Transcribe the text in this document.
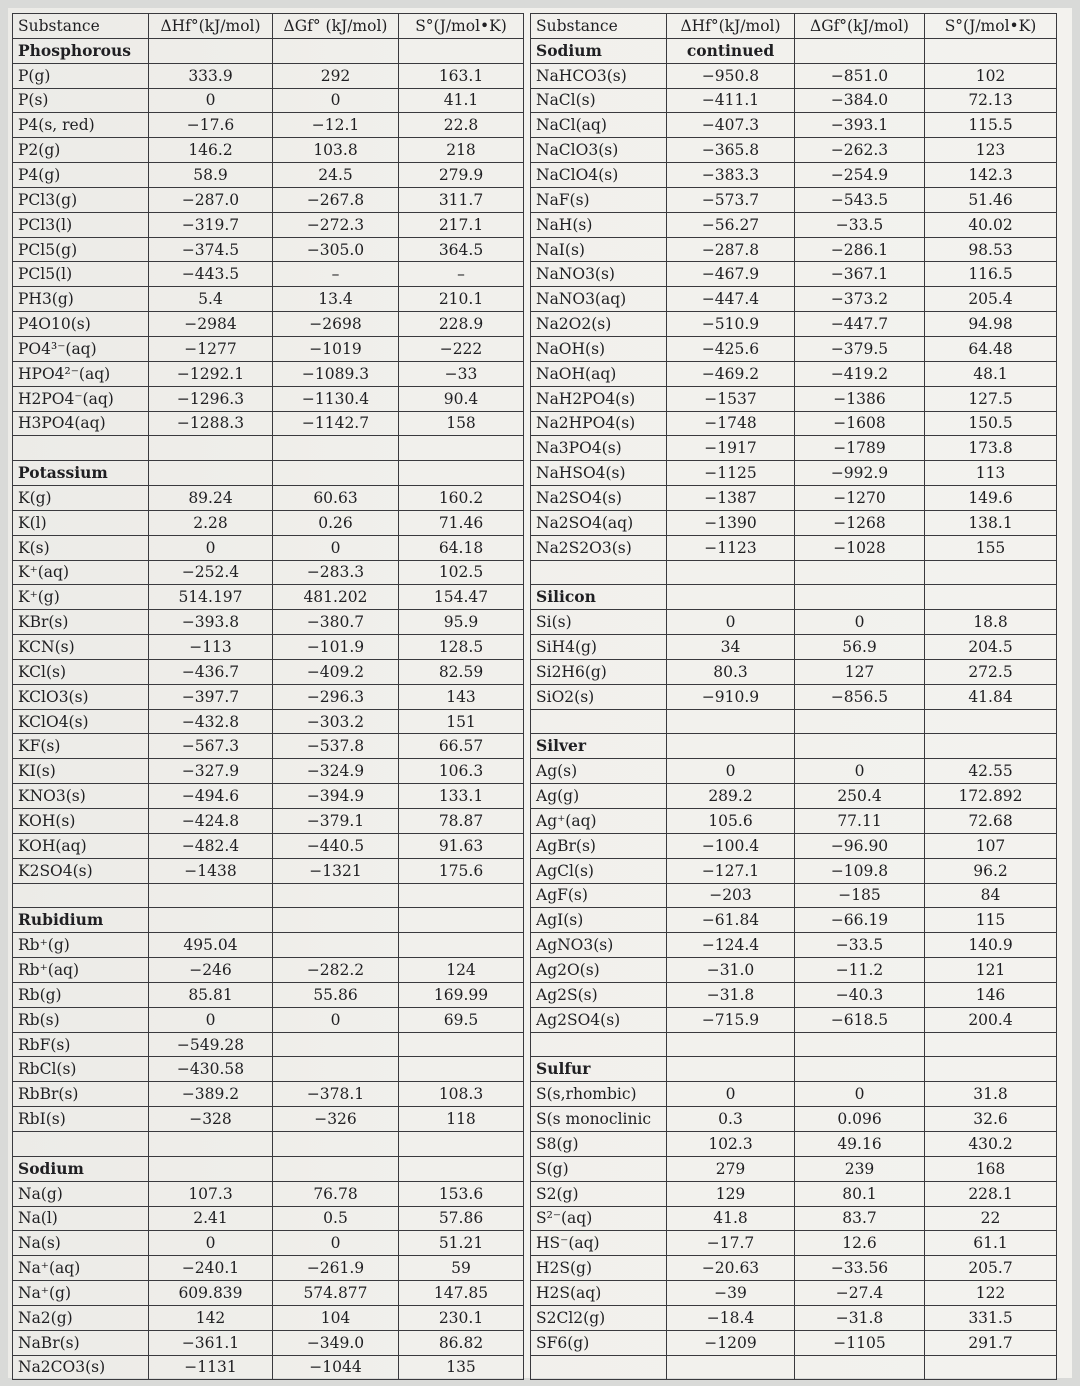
Substance	ΔHf°(kJ/mol)	ΔGf° (kJ/mol)	S°(J/mol•K)
Phosphorous			
P(g)	333.9	292	163.1
P(s)	0	0	41.1
P4(s, red)	−17.6	−12.1	22.8
P2(g)	146.2	103.8	218
P4(g)	58.9	24.5	279.9
PCl3(g)	−287.0	−267.8	311.7
PCl3(l)	−319.7	−272.3	217.1
PCl5(g)	−374.5	−305.0	364.5
PCl5(l)	−443.5	–	–
PH3(g)	5.4	13.4	210.1
P4O10(s)	−2984	−2698	228.9
PO4³⁻(aq)	−1277	−1019	−222
HPO4²⁻(aq)	−1292.1	−1089.3	−33
H2PO4⁻(aq)	−1296.3	−1130.4	90.4
H3PO4(aq)	−1288.3	−1142.7	158

Potassium			
K(g)	89.24	60.63	160.2
K(l)	2.28	0.26	71.46
K(s)	0	0	64.18
K⁺(aq)	−252.4	−283.3	102.5
K⁺(g)	514.197	481.202	154.47
KBr(s)	−393.8	−380.7	95.9
KCN(s)	−113	−101.9	128.5
KCl(s)	−436.7	−409.2	82.59
KClO3(s)	−397.7	−296.3	143
KClO4(s)	−432.8	−303.2	151
KF(s)	−567.3	−537.8	66.57
KI(s)	−327.9	−324.9	106.3
KNO3(s)	−494.6	−394.9	133.1
KOH(s)	−424.8	−379.1	78.87
KOH(aq)	−482.4	−440.5	91.63
K2SO4(s)	−1438	−1321	175.6

Rubidium			
Rb⁺(g)	495.04		
Rb⁺(aq)	−246	−282.2	124
Rb(g)	85.81	55.86	169.99
Rb(s)	0	0	69.5
RbF(s)	−549.28		
RbCl(s)	−430.58		
RbBr(s)	−389.2	−378.1	108.3
RbI(s)	−328	−326	118

Sodium			
Na(g)	107.3	76.78	153.6
Na(l)	2.41	0.5	57.86
Na(s)	0	0	51.21
Na⁺(aq)	−240.1	−261.9	59
Na⁺(g)	609.839	574.877	147.85
Na2(g)	142	104	230.1
NaBr(s)	−361.1	−349.0	86.82
Na2CO3(s)	−1131	−1044	135
Substance	ΔHf°(kJ/mol)	ΔGf°(kJ/mol)	S°(J/mol•K)
Sodium	continued		
NaHCO3(s)	−950.8	−851.0	102
NaCl(s)	−411.1	−384.0	72.13
NaCl(aq)	−407.3	−393.1	115.5
NaClO3(s)	−365.8	−262.3	123
NaClO4(s)	−383.3	−254.9	142.3
NaF(s)	−573.7	−543.5	51.46
NaH(s)	−56.27	−33.5	40.02
NaI(s)	−287.8	−286.1	98.53
NaNO3(s)	−467.9	−367.1	116.5
NaNO3(aq)	−447.4	−373.2	205.4
Na2O2(s)	−510.9	−447.7	94.98
NaOH(s)	−425.6	−379.5	64.48
NaOH(aq)	−469.2	−419.2	48.1
NaH2PO4(s)	−1537	−1386	127.5
Na2HPO4(s)	−1748	−1608	150.5
Na3PO4(s)	−1917	−1789	173.8
NaHSO4(s)	−1125	−992.9	113
Na2SO4(s)	−1387	−1270	149.6
Na2SO4(aq)	−1390	−1268	138.1
Na2S2O3(s)	−1123	−1028	155

Silicon			
Si(s)	0	0	18.8
SiH4(g)	34	56.9	204.5
Si2H6(g)	80.3	127	272.5
SiO2(s)	−910.9	−856.5	41.84

Silver			
Ag(s)	0	0	42.55
Ag(g)	289.2	250.4	172.892
Ag⁺(aq)	105.6	77.11	72.68
AgBr(s)	−100.4	−96.90	107
AgCl(s)	−127.1	−109.8	96.2
AgF(s)	−203	−185	84
AgI(s)	−61.84	−66.19	115
AgNO3(s)	−124.4	−33.5	140.9
Ag2O(s)	−31.0	−11.2	121
Ag2S(s)	−31.8	−40.3	146
Ag2SO4(s)	−715.9	−618.5	200.4

Sulfur			
S(s,rhombic)	0	0	31.8
S(s monoclinic	0.3	0.096	32.6
S8(g)	102.3	49.16	430.2
S(g)	279	239	168
S2(g)	129	80.1	228.1
S²⁻(aq)	41.8	83.7	22
HS⁻(aq)	−17.7	12.6	61.1
H2S(g)	−20.63	−33.56	205.7
H2S(aq)	−39	−27.4	122
S2Cl2(g)	−18.4	−31.8	331.5
SF6(g)	−1209	−1105	291.7
